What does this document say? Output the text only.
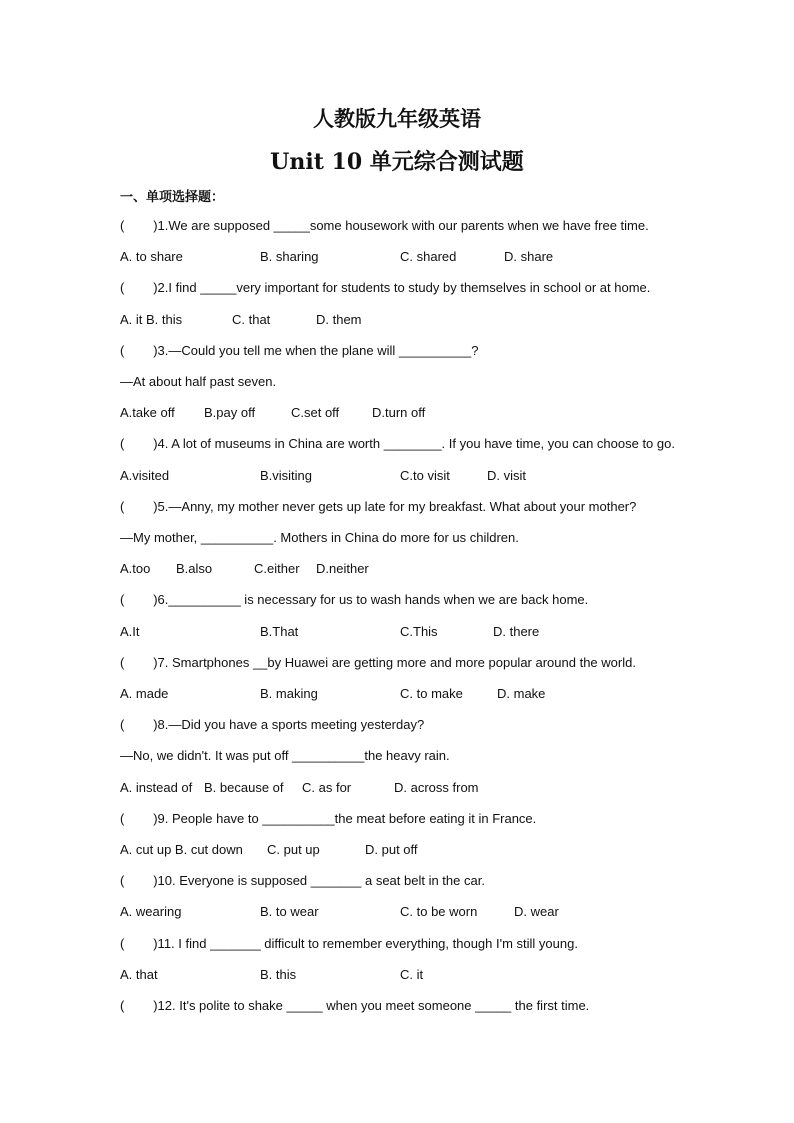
人教版九年级英语
Unit 10 单元综合测试题
一、单项选择题：
(        )1.We are supposed _____some housework with our parents when we have free time.
A. to share	B. sharing	C. shared	D. share
(        )2.I find _____very important for students to study by themselves in school or at home.
A. it B. this	C. that	D. them
(        )3.—Could you tell me when the plane will __________?
—At about half past seven.
A.take off B.pay off	C.set off	D.turn off
(        )4. A lot of museums in China are worth ________. If you have time, you can choose to go.
A.visited	B.visiting	C.to visit	D. visit
(        )5.—Anny, my mother never gets up late for my breakfast. What about your mother?
—My mother, __________. Mothers in China do more for us children.
A.too B.also	C.either D.neither
(        )6.__________ is necessary for us to wash hands when we are back home.
A.It	B.That	C.This	D. there
(        )7. Smartphones __by Huawei are getting more and more popular around the world.
A. made	B. making	C. to make	D. make
(        )8.—Did you have a sports meeting yesterday?
—No, we didn't. It was put off __________the heavy rain.
A. instead of B. because of C. as for	D. across from
(        )9. People have to __________the meat before eating it in France.
A. cut up B. cut down C. put up	D. put off
(        )10. Everyone is supposed _______ a seat belt in the car.
A. wearing	B. to wear	C. to be worn	D. wear
(        )11. I find _______ difficult to remember everything, though I'm still young.
A. that	B. this	C. it
(        )12. It's polite to shake _____ when you meet someone _____ the first time.
